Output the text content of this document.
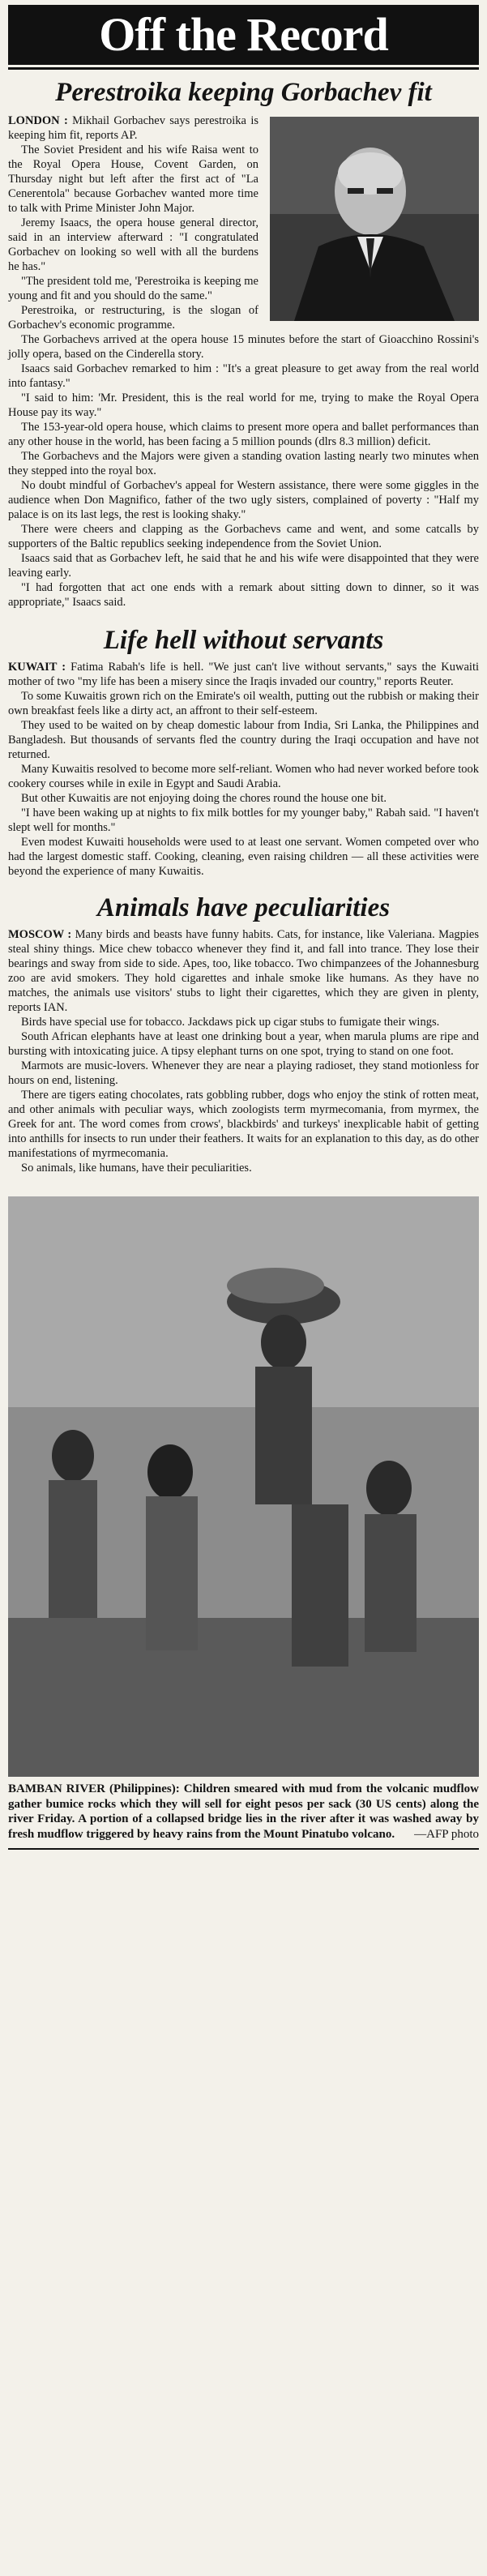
Off the Record
Perestroika keeping Gorbachev fit

LONDON : Mikhail Gorbachev says perestroika is keeping him fit, reports AP.

The Soviet President and his wife Raisa went to the Royal Opera House, Covent Garden, on Thursday night but left after the first act of "La Cenerentola" because Gorbachev wanted more time to talk with Prime Minister John Major.

Jeremy Isaacs, the opera house general director, said in an interview afterward : "I congratulated Gorbachev on looking so well with all the burdens he has."

"The president told me, 'Perestroika is keeping me young and fit and you should do the same."

Perestroika, or restructuring, is the slogan of Gorbachev's economic programme.

The Gorbachevs arrived at the opera house 15 minutes before the start of Gioacchino Rossini's jolly opera, based on the Cinderella story.

Isaacs said Gorbachev remarked to him : "It's a great pleasure to get away from the real world into fantasy."

"I said to him: 'Mr. President, this is the real world for me, trying to make the Royal Opera House pay its way."

The 153-year-old opera house, which claims to present more opera and ballet performances than any other house in the world, has been facing a 5 million pounds (dlrs 8.3 million) deficit.

The Gorbachevs and the Majors were given a standing ovation lasting nearly two minutes when they stepped into the royal box.

No doubt mindful of Gorbachev's appeal for Western assistance, there were some giggles in the audience when Don Magnifico, father of the two ugly sisters, complained of poverty : "Half my palace is on its last legs, the rest is looking shaky."

There were cheers and clapping as the Gorbachevs came and went, and some catcalls by supporters of the Baltic republics seeking independence from the Soviet Union.

Isaacs said that as Gorbachev left, he said that he and his wife were disappointed that they were leaving early.

"I had forgotten that act one ends with a remark about sitting down to dinner, so it was appropriate," Isaacs said.

Life hell without servants

KUWAIT : Fatima Rabah's life is hell. "We just can't live without servants," says the Kuwaiti mother of two "my life has been a misery since the Iraqis invaded our country," reports Reuter.

To some Kuwaitis grown rich on the Emirate's oil wealth, putting out the rubbish or making their own breakfast feels like a dirty act, an affront to their self-esteem.

They used to be waited on by cheap domestic labour from India, Sri Lanka, the Philippines and Bangladesh. But thousands of servants fled the country during the Iraqi occupation and have not returned.

Many Kuwaitis resolved to become more self-reliant. Women who had never worked before took cookery courses while in exile in Egypt and Saudi Arabia.

But other Kuwaitis are not enjoying doing the chores round the house one bit.

"I have been waking up at nights to fix milk bottles for my younger baby," Rabah said. "I haven't slept well for months."

Even modest Kuwaiti households were used to at least one servant. Women competed over who had the largest domestic staff. Cooking, cleaning, even raising children — all these activities were beyond the experience of many Kuwaitis.

Animals have peculiarities

MOSCOW : Many birds and beasts have funny habits. Cats, for instance, like Valeriana. Magpies steal shiny things. Mice chew tobacco whenever they find it, and fall into trance. They lose their bearings and sway from side to side. Apes, too, like tobacco. Two chimpanzees of the Johannesburg zoo are avid smokers. They hold cigarettes and inhale smoke like humans. As they have no matches, the animals use visitors' stubs to light their cigarettes, which they are given in plenty, reports IAN.

Birds have special use for tobacco. Jackdaws pick up cigar stubs to fumigate their wings.

South African elephants have at least one drinking bout a year, when marula plums are ripe and bursting with intoxicating juice. A tipsy elephant turns on one spot, trying to stand on one foot.

Marmots are music-lovers. Whenever they are near a playing radioset, they stand motionless for hours on end, listening.

There are tigers eating chocolates, rats gobbling rubber, dogs who enjoy the stink of rotten meat, and other animals with peculiar ways, which zoologists term myrmecomania, from myrmex, the Greek for ant. The word comes from crows', blackbirds' and turkeys' inexplicable habit of getting into anthills for insects to run under their feathers. It waits for an explanation to this day, as do other manifestations of myrmecomania.

So animals, like humans, have their peculiarities.

BAMBAN RIVER (Philippines): Children smeared with mud from the volcanic mudflow gather bumice rocks which they will sell for eight pesos per sack (30 US cents) along the river Friday. A portion of a collapsed bridge lies in the river after it was washed away by fresh mudflow triggered by heavy rains from the Mount Pinatubo volcano. —AFP photo
